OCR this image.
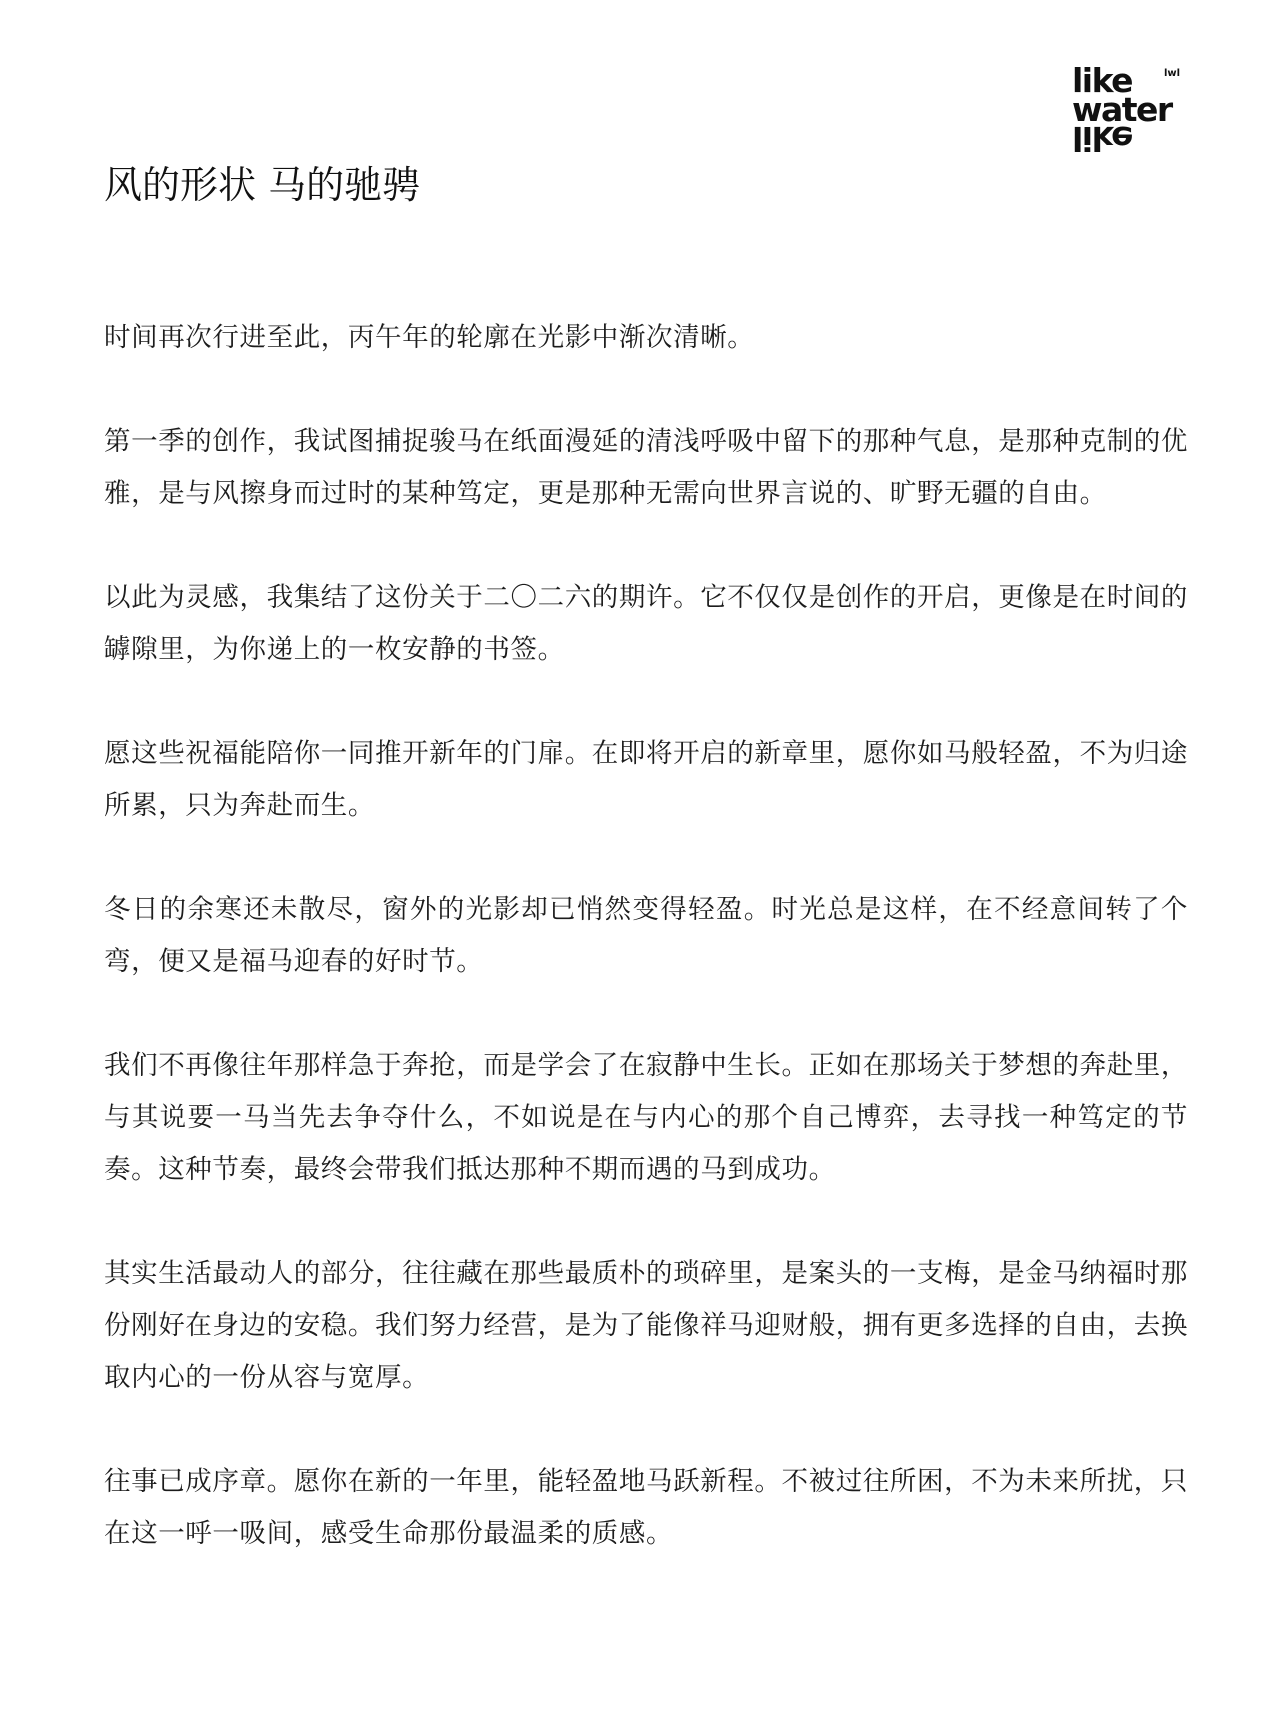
like
water
like
lwl
风的形状 马的驰骋

时间再次行进至此，丙午年的轮廓在光影中渐次清晰。

第一季的创作，我试图捕捉骏马在纸面漫延的清浅呼吸中留下的那种气息，是那种克制的优雅，是与风擦身而过时的某种笃定，更是那种无需向世界言说的、旷野无疆的自由。

以此为灵感，我集结了这份关于二〇二六的期许。它不仅仅是创作的开启，更像是在时间的罅隙里，为你递上的一枚安静的书签。

愿这些祝福能陪你一同推开新年的门扉。在即将开启的新章里，愿你如马般轻盈，不为归途所累，只为奔赴而生。

冬日的余寒还未散尽，窗外的光影却已悄然变得轻盈。时光总是这样，在不经意间转了个弯，便又是福马迎春的好时节。

我们不再像往年那样急于奔抢，而是学会了在寂静中生长。正如在那场关于梦想的奔赴里，与其说要一马当先去争夺什么，不如说是在与内心的那个自己博弈，去寻找一种笃定的节奏。这种节奏，最终会带我们抵达那种不期而遇的马到成功。

其实生活最动人的部分，往往藏在那些最质朴的琐碎里，是案头的一支梅，是金马纳福时那份刚好在身边的安稳。我们努力经营，是为了能像祥马迎财般，拥有更多选择的自由，去换取内心的一份从容与宽厚。

往事已成序章。愿你在新的一年里，能轻盈地马跃新程。不被过往所困，不为未来所扰，只在这一呼一吸间，感受生命那份最温柔的质感。
